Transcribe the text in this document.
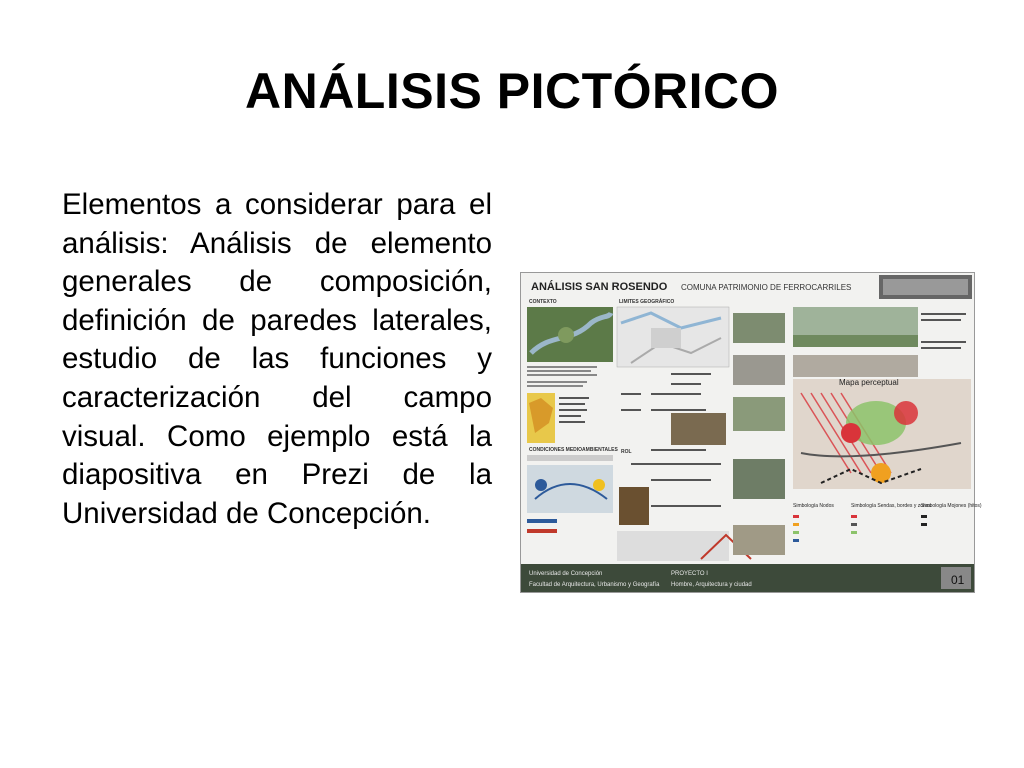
ANÁLISIS PICTÓRICO

Elementos a considerar para el análisis: Análisis de elemento generales de composición, definición de paredes laterales, estudio de las funciones y caracterización del campo visual. Como ejemplo está la diapositiva en Prezi de la Universidad de Concepción.

ANÁLISIS SAN ROSENDO COMUNA PATRIMONIO DE FERROCARRILES
CONTEXTO	LIMITES GEOGRÁFICO
CONDICIONES MEDIOAMBIENTALES ROL
Mapa perceptual
Simbología Nodos	Simbología Sendas, bordes y zonas
Simbología Mojones (hitos)
Universidad de Concepción
Facultad de Arquitectura, Urbanismo y Geografía
PROYECTO I
Hombre, Arquitectura y ciudad	01
